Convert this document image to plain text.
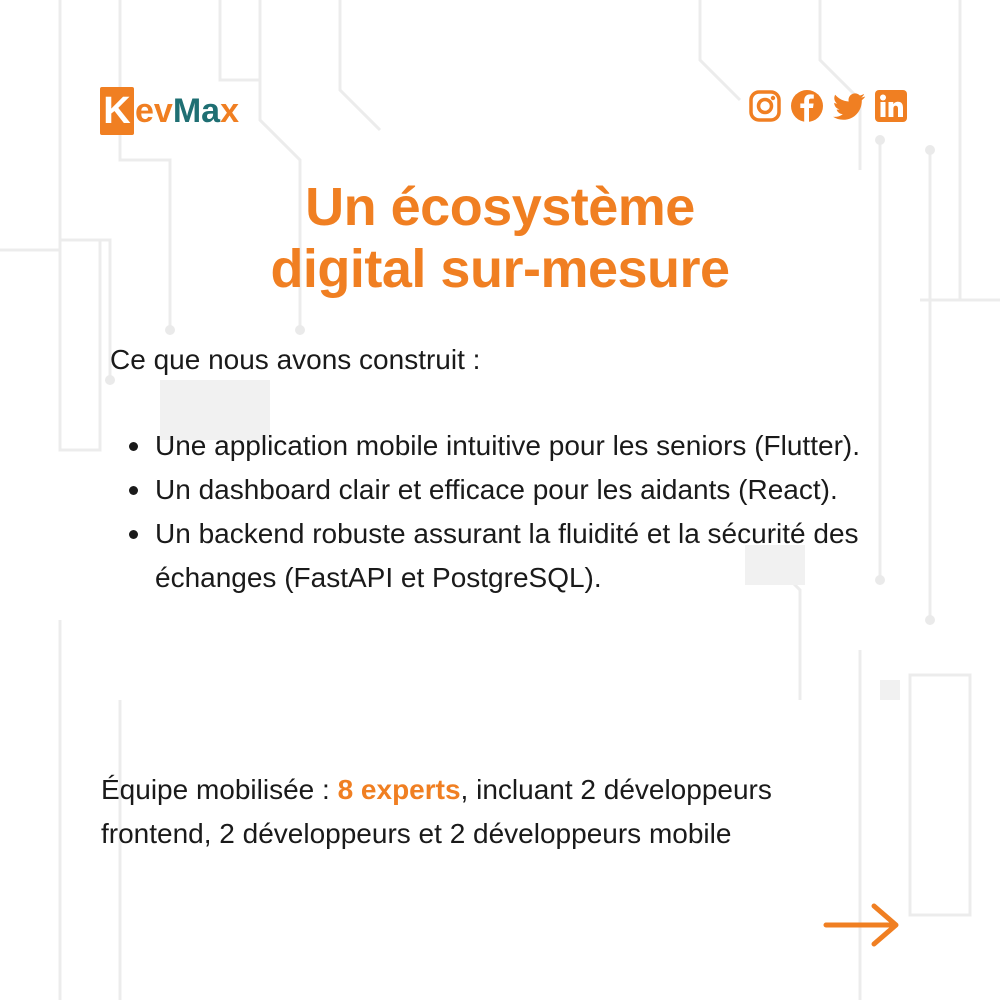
K ev Ma x
Un écosystème
digital sur-mesure
Ce que nous avons construit :
Une application mobile intuitive pour les seniors (Flutter).
Un dashboard clair et efficace pour les aidants (React).
Un backend robuste assurant la fluidité et la sécurité des échanges (FastAPI et PostgreSQL).
Équipe mobilisée : 8 experts, incluant 2 développeurs frontend, 2 développeurs et 2 développeurs mobile
